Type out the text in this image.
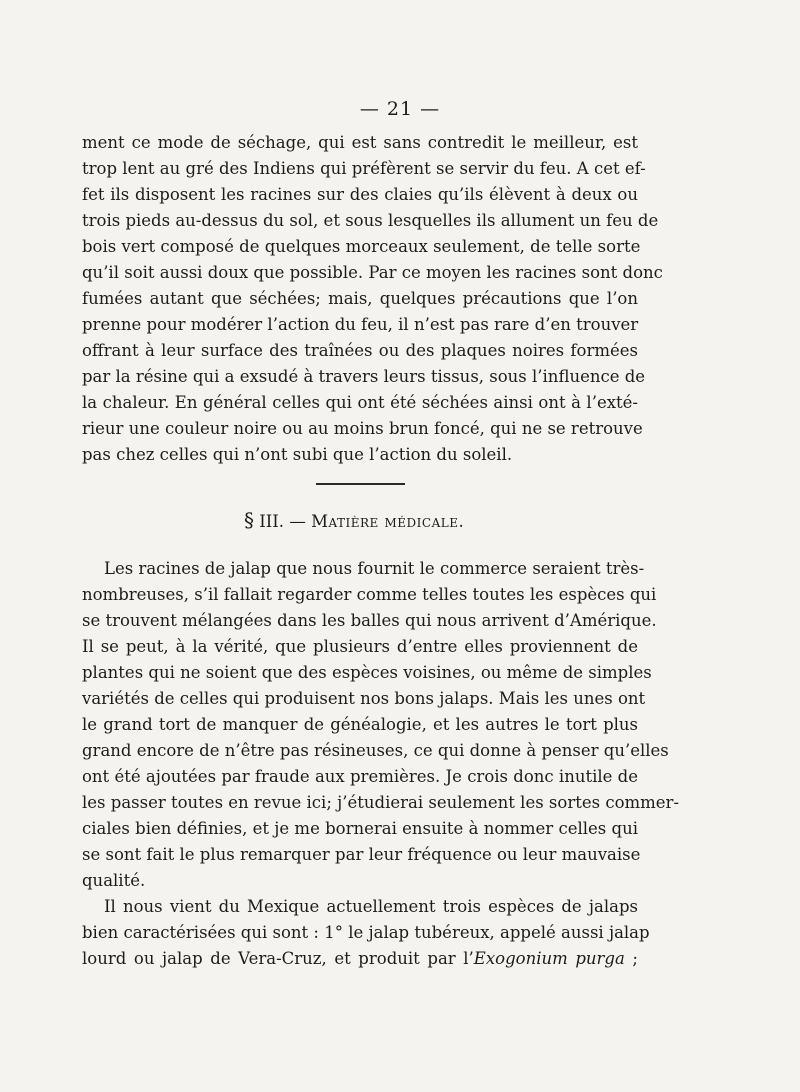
— 21 —
ment ce mode de séchage, qui est sans contredit le meilleur, est
trop lent au gré des Indiens qui préfèrent se servir du feu. A cet ef-
fet ils disposent les racines sur des claies qu’ils élèvent à deux ou
trois pieds au-dessus du sol, et sous lesquelles ils allument un feu de
bois vert composé de quelques morceaux seulement, de telle sorte
qu’il soit aussi doux que possible. Par ce moyen les racines sont donc
fumées autant que séchées; mais, quelques précautions que l’on
prenne pour modérer l’action du feu, il n’est pas rare d’en trouver
offrant à leur surface des traînées ou des plaques noires formées
par la résine qui a exsudé à travers leurs tissus, sous l’influence de
la chaleur. En général celles qui ont été séchées ainsi ont à l’exté-
rieur une couleur noire ou au moins brun foncé, qui ne se retrouve
pas chez celles qui n’ont subi que l’action du soleil.
§ III. — Matière médicale.
Les racines de jalap que nous fournit le commerce seraient très-
nombreuses, s’il fallait regarder comme telles toutes les espèces qui
se trouvent mélangées dans les balles qui nous arrivent d’Amérique.
Il se peut, à la vérité, que plusieurs d’entre elles proviennent de
plantes qui ne soient que des espèces voisines, ou même de simples
variétés de celles qui produisent nos bons jalaps. Mais les unes ont
le grand tort de manquer de généalogie, et les autres le tort plus
grand encore de n’être pas résineuses, ce qui donne à penser qu’elles
ont été ajoutées par fraude aux premières. Je crois donc inutile de
les passer toutes en revue ici; j’étudierai seulement les sortes commer-
ciales bien définies, et je me bornerai ensuite à nommer celles qui
se sont fait le plus remarquer par leur fréquence ou leur mauvaise
qualité.
Il nous vient du Mexique actuellement trois espèces de jalaps
bien caractérisées qui sont : 1° le jalap tubéreux, appelé aussi jalap
lourd ou jalap de Vera-Cruz, et produit par l’Exogonium purga ;
